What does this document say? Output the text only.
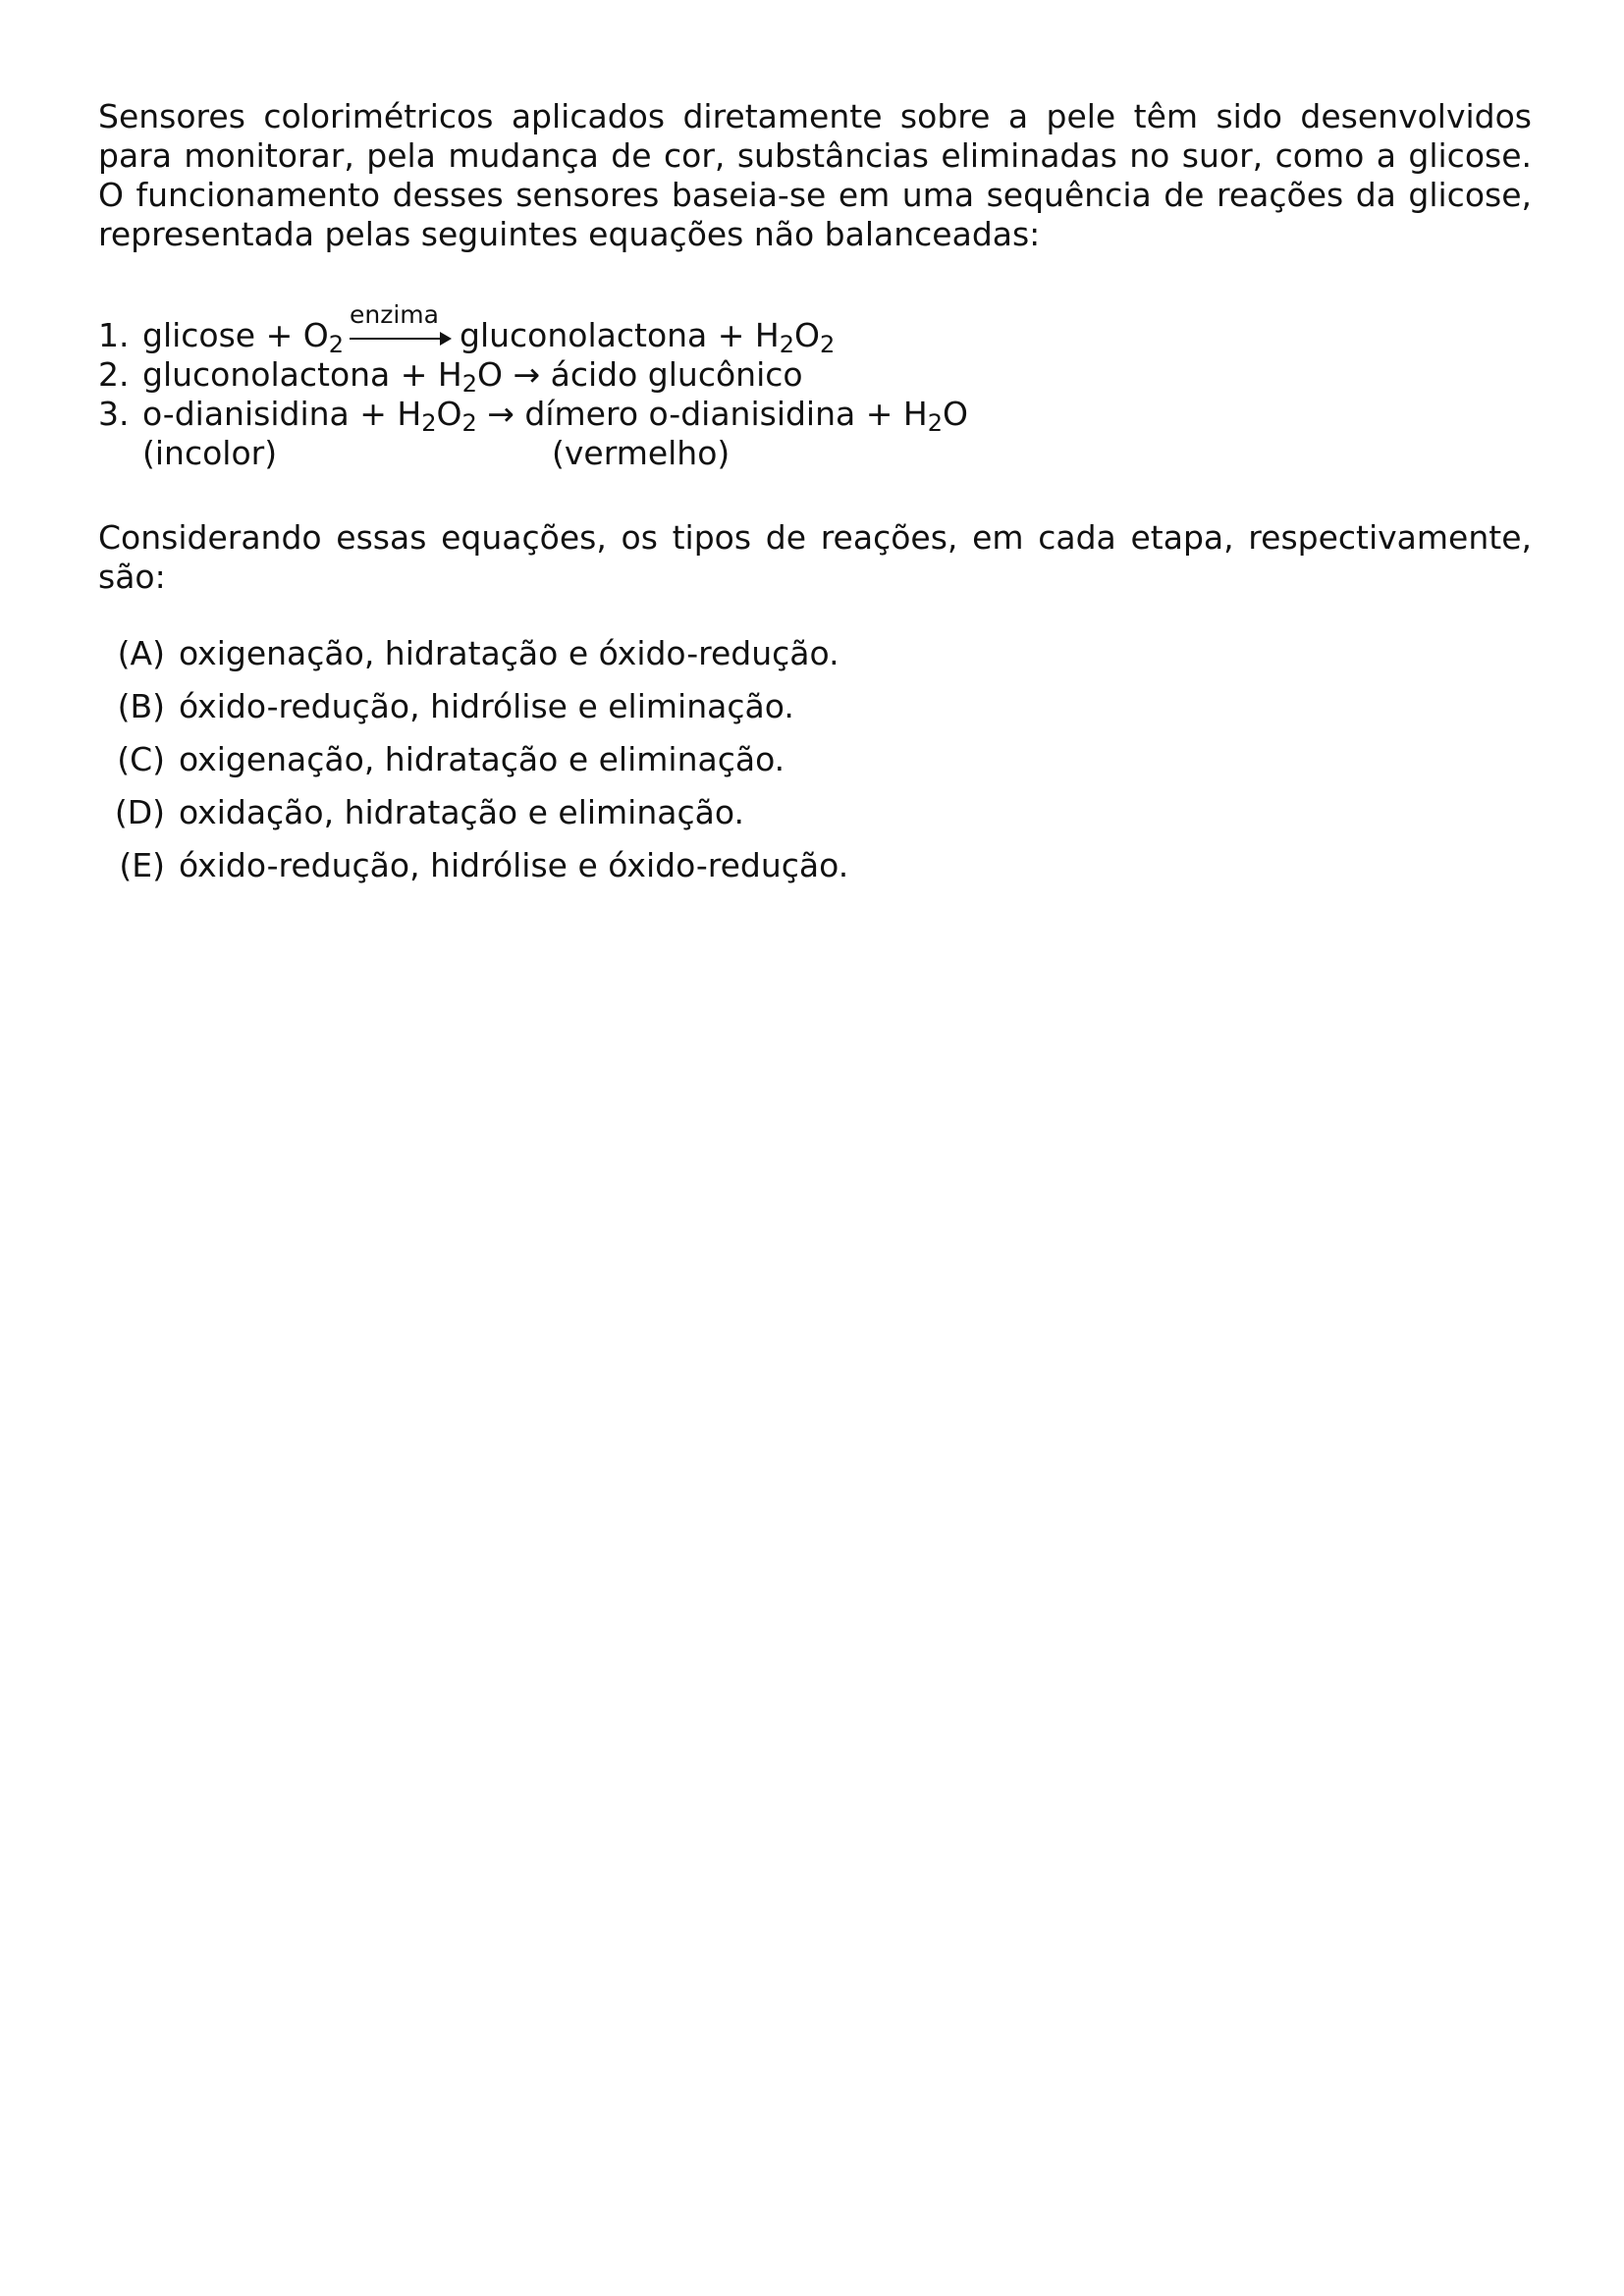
Sensores colorimétricos aplicados diretamente sobre a pele têm sido desenvolvidos
para monitorar, pela mudança de cor, substâncias eliminadas no suor, como a glicose.
O funcionamento desses sensores baseia-se em uma sequência de reações da glicose,
representada pelas seguintes equações não balanceadas:

1. $glicose + O_2$
enzima
gluconolactona + $H_2O_2$
2. gluconolactona + $H_2O$ → ácido glucônico
3. o-dianisidina + $H_2O_2$ → dímero o-dianisidina + $H_2O$
(incolor)	(vermelho)

Considerando essas equações, os tipos de reações, em cada etapa, respectivamente,
são:

(A) oxigenação, hidratação e óxido-redução.
(B) óxido-redução, hidrólise e eliminação.
(C) oxigenação, hidratação e eliminação.
(D) oxidação, hidratação e eliminação.
(E) óxido-redução, hidrólise e óxido-redução.
